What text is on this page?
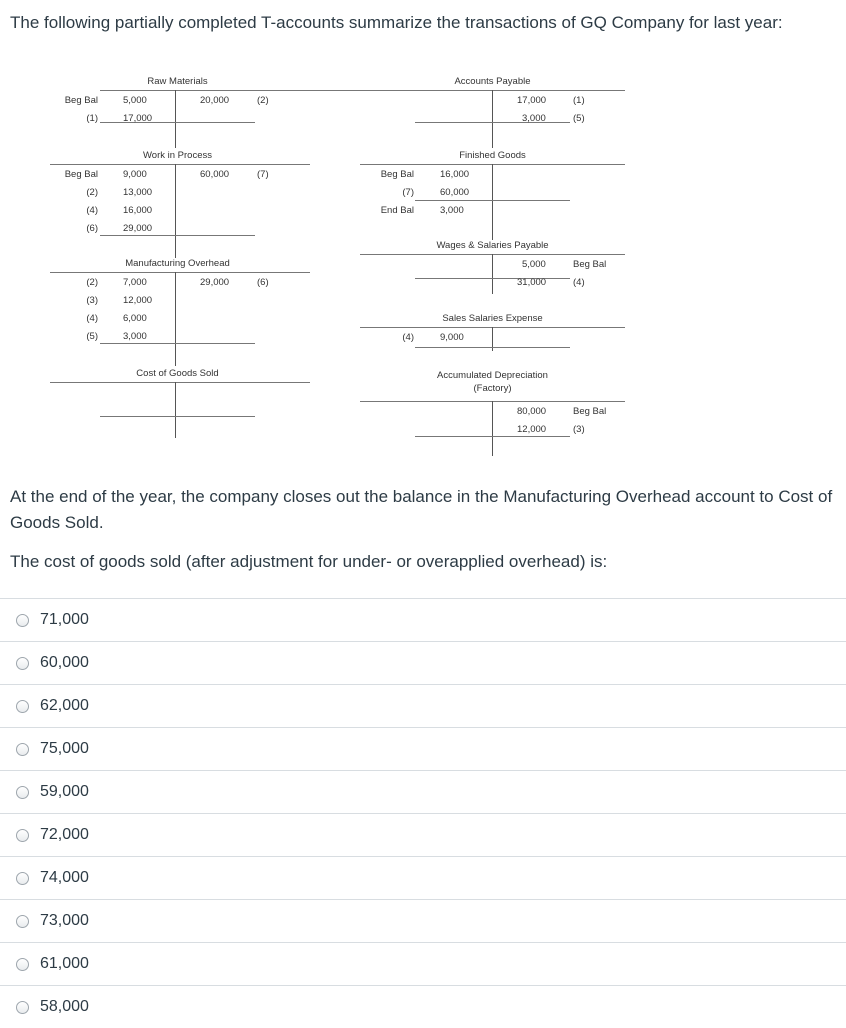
The following partially completed T-accounts summarize the transactions of GQ Company for last year:

Raw Materials
Beg Bal	5,000
(1)	17,000
20,000	(2)
Accounts Payable
17,000	(1)
3,000	(5)
Work in Process
Beg Bal	9,000
(2)	13,000
(4)	16,000
(6)	29,000
60,000	(7)
Finished Goods
Beg Bal	16,000
(7)	60,000
End Bal	3,000
Wages & Salaries Payable
5,000	Beg Bal
31,000	(4)
Manufacturing Overhead
(2)	7,000
(3)	12,000
(4)	6,000
(5)	3,000
29,000	(6)
Sales Salaries Expense
(4)	9,000
Cost of Goods Sold	Accumulated Depreciation
(Factory)
80,000	Beg Bal
12,000	(3)

At the end of the year, the company closes out the balance in the Manufacturing Overhead account to Cost of Goods Sold.

The cost of goods sold (after adjustment for under- or overapplied overhead) is:

71,000
60,000
62,000
75,000
59,000
72,000
74,000
73,000
61,000
58,000
